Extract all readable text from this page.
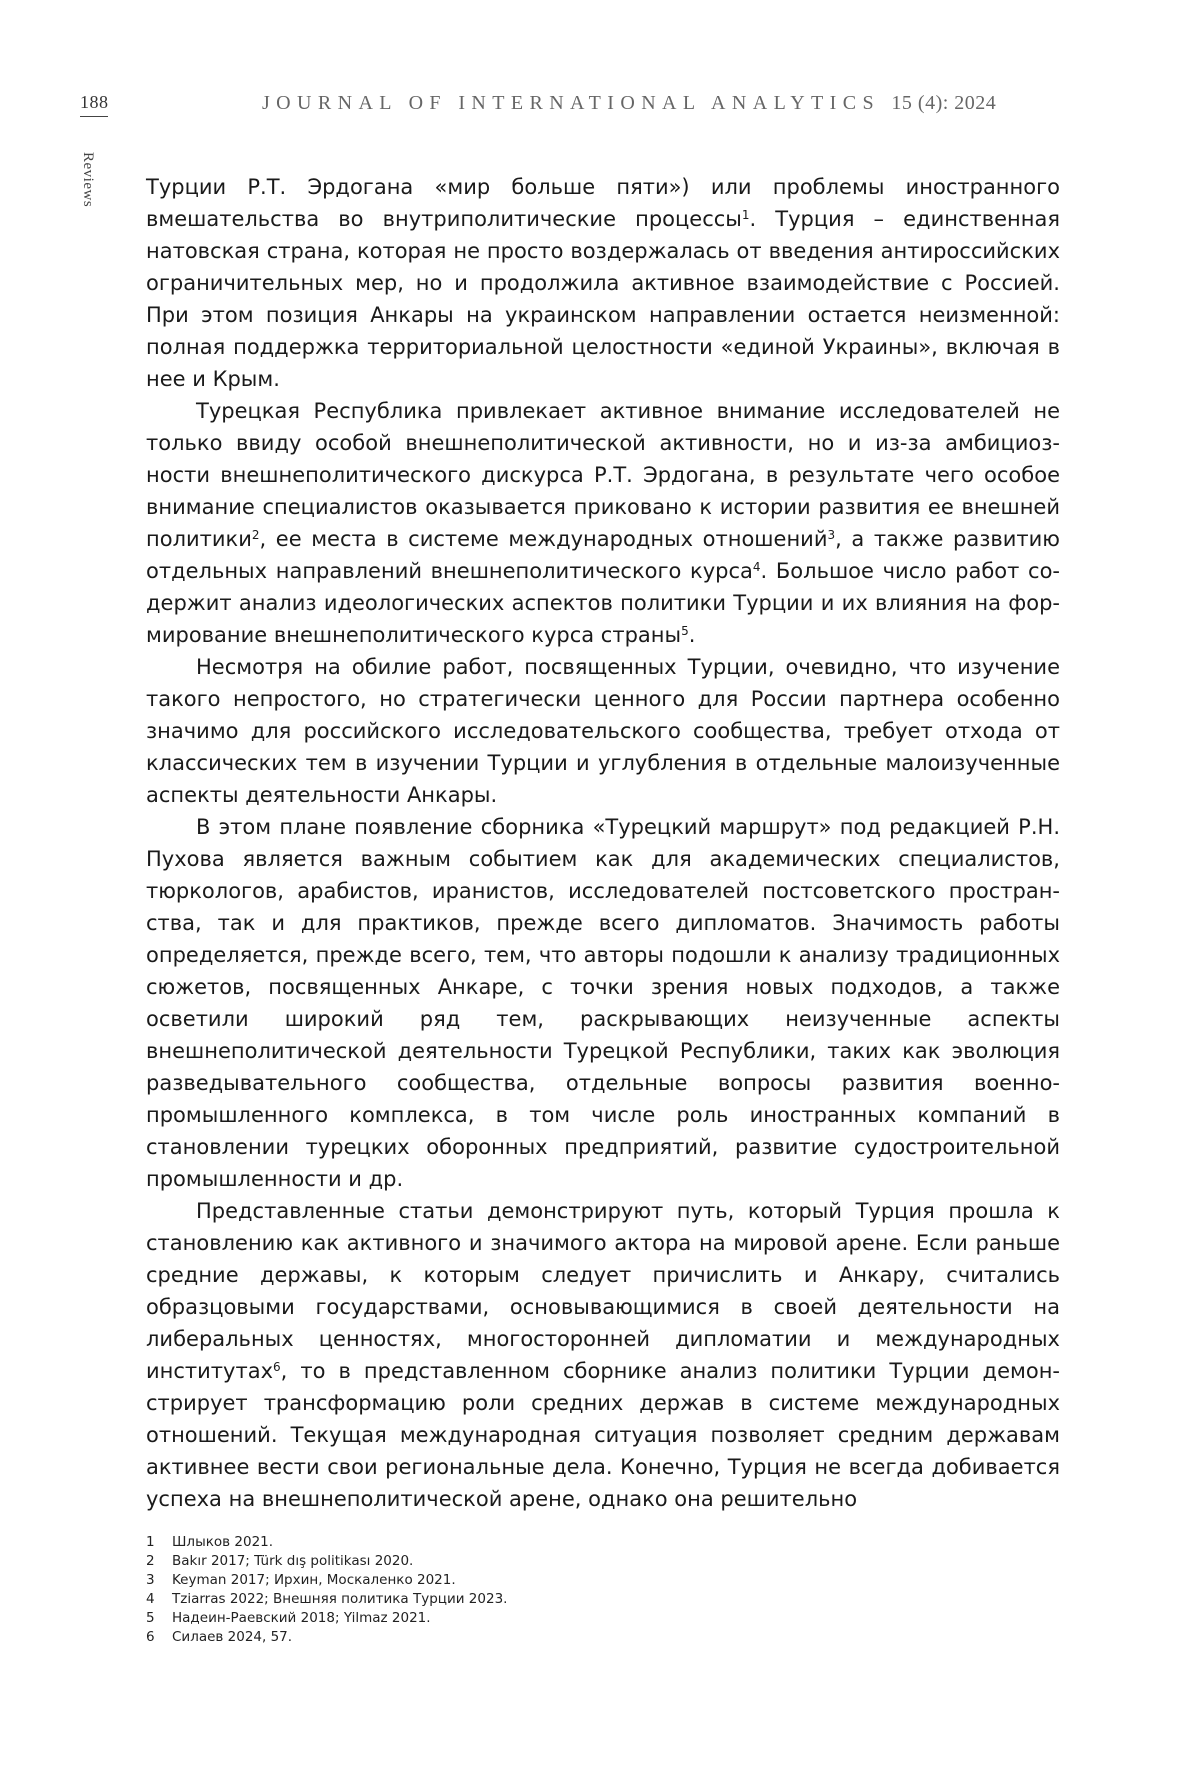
188	JOURNAL OF INTERNATIONAL ANALYTICS 15 (4): 2024
Reviews Турции Р.Т. Эрдогана «мир больше пяти») или проблемы иностранного вмешательства во внутриполитические процессы$^1$. Турция – единственная натовская страна, которая не просто воздержалась от введения антироссийских ограничительных мер, но и продолжила активное взаимодействие с Россией. При этом позиция Анкары на украинском направлении остается неизменной: полная поддержка территориальной целостности «единой Украины», включая в нее и Крым.

Турецкая Республика привлекает активное внимание исследователей не только ввиду особой внешнеполитической активности, но и из-за амбициозности внешнеполитического дискурса Р.Т. Эрдогана, в результате чего особое внимание специалистов оказывается приковано к истории развития ее внешней политики$^2$, ее места в системе международных отношений$^3$, а также развитию отдельных направлений внешнеполитического курса$^4$. Большое число работ содержит анализ идеологических аспектов политики Турции и их влияния на формирование внешнеполитического курса страны$^5$.

Несмотря на обилие работ, посвященных Турции, очевидно, что изучение такого непростого, но стратегически ценного для России партнера особенно значимо для российского исследовательского сообщества, требует отхода от классических тем в изучении Турции и углубления в отдельные малоизученные аспекты деятельности Анкары.

В этом плане появление сборника «Турецкий маршрут» под редакцией Р.Н. Пухова является важным событием как для академических специалистов, тюркологов, арабистов, иранистов, исследователей постсоветского пространства, так и для практиков, прежде всего дипломатов. Значимость работы определяется, прежде всего, тем, что авторы подошли к анализу традиционных сюжетов, посвященных Анкаре, с точки зрения новых подходов, а также осветили широкий ряд тем, раскрывающих неизученные аспекты внешнеполитической деятельности Турецкой Республики, таких как эволюция разведывательного сообщества, отдельные вопросы развития военно-промышленного комплекса, в том числе роль иностранных компаний в становлении турецких оборонных предприятий, развитие судостроительной промышленности и др.

Представленные статьи демонстрируют путь, который Турция прошла к становлению как активного и значимого актора на мировой арене. Если раньше средние державы, к которым следует причислить и Анкару, считались образцовыми государствами, основывающимися в своей деятельности на либеральных ценностях, многосторонней дипломатии и международных институтах$^6$, то в представленном сборнике анализ политики Турции демонстрирует трансформацию роли средних держав в системе международных отношений. Текущая международная ситуация позволяет средним державам активнее вести свои региональные дела. Конечно, Турция не всегда добивается успеха на внешнеполитической арене, однако она решительно

1	Шлыков 2021.
2	Bakır 2017; Türk dış politikası 2020.
3	Keyman 2017; Ирхин, Москаленко 2021.
4	Tziarras 2022; Внешняя политика Турции 2023.
5	Надеин-Раевский 2018; Yilmaz 2021.
6	Силаев 2024, 57.
